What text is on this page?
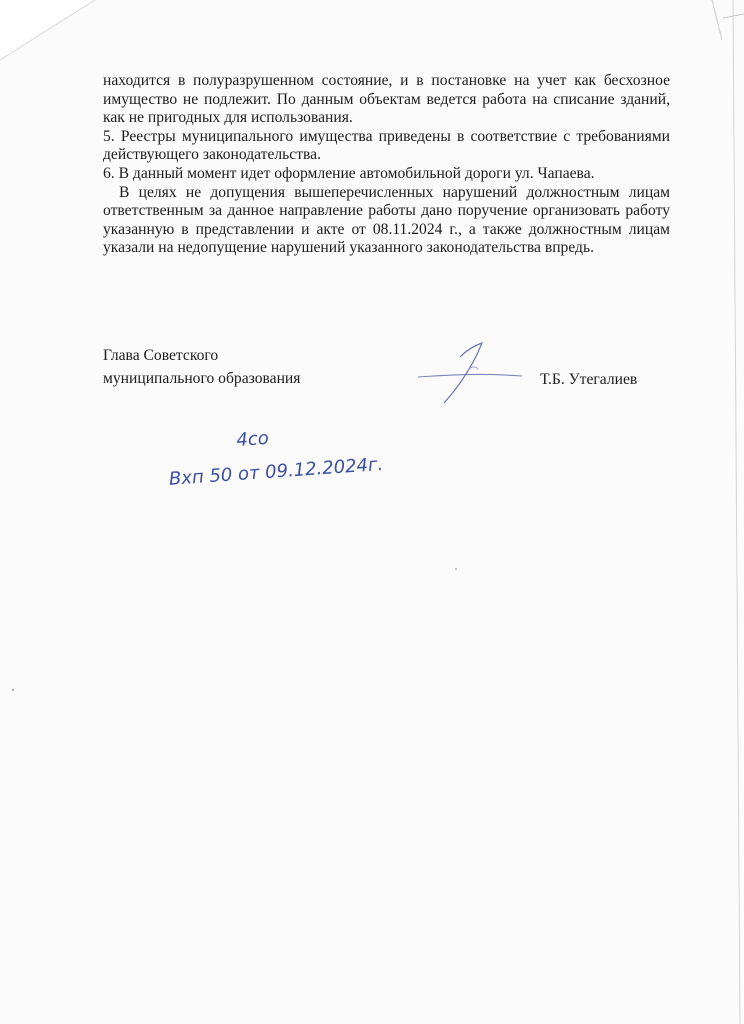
находится в полуразрушенном состояние, и в постановке на учет как бесхозное имущество не подлежит. По данным объектам ведется работа на списание зданий, как не пригодных для использования.

5. Реестры муниципального имущества приведены в соответствие с требованиями действующего законодательства.

6. В данный момент идет оформление автомобильной дороги ул. Чапаева.

В целях не допущения вышеперечисленных нарушений должностным лицам ответственным за данное направление работы дано поручение организовать работу указанную в представлении и акте от 08.11.2024 г., а также должностным лицам указали на недопущение нарушений указанного законодательства впредь.

Глава Советского
муниципального образования	Т.Б. Утегалиев
4co
Вхп 50 от 09.12.2024г.
